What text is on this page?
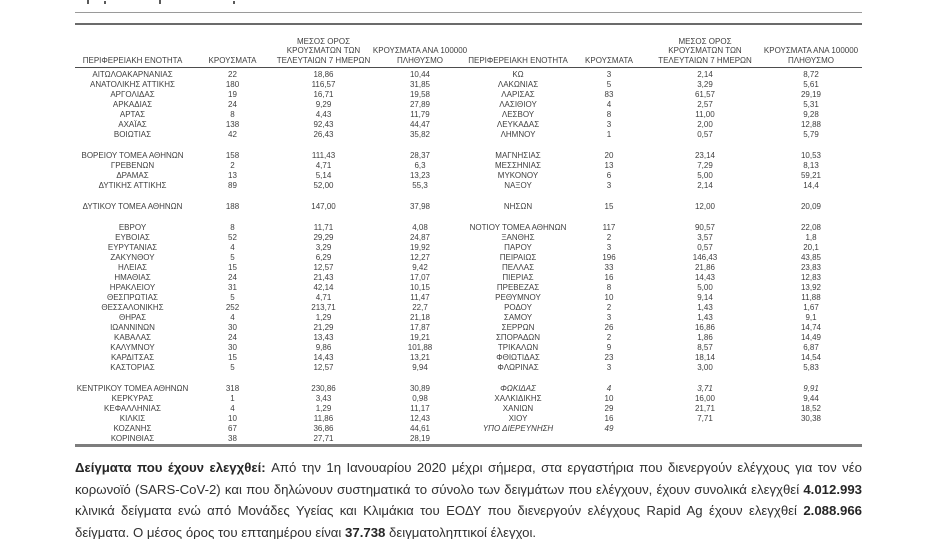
ΠΕΡΙΦΕΡΕΙΑΚΗ ΕΝΟΤΗΤΑ	ΚΡΟΥΣΜΑΤΑ

ΜΕΣΟΣ ΟΡΟΣ
ΚΡΟΥΣΜΑΤΩΝ ΤΩΝ
ΤΕΛΕΥΤΑΙΩΝ 7 ΗΜΕΡΩΝ

ΚΡΟΥΣΜΑΤΑ ΑΝΑ 100000
ΠΛΗΘΥΣΜΟ	ΠΕΡΙΦΕΡΕΙΑΚΗ ΕΝΟΤΗΤΑ	ΚΡΟΥΣΜΑΤΑ

ΜΕΣΟΣ ΟΡΟΣ
ΚΡΟΥΣΜΑΤΩΝ ΤΩΝ
ΤΕΛΕΥΤΑΙΩΝ 7 ΗΜΕΡΩΝ

ΚΡΟΥΣΜΑΤΑ ΑΝΑ 100000
ΠΛΗΘΥΣΜΟ

ΑΙΤΩΛΟΑΚΑΡΝΑΝΙΑΣ	22	18,86	10,44	ΚΩ	3	2,14	8,72
ΑΝΑΤΟΛΙΚΗΣ ΑΤΤΙΚΗΣ	180	116,57	31,85	ΛΑΚΩΝΙΑΣ	5	3,29	5,61
ΑΡΓΟΛΙΔΑΣ	19	16,71	19,58	ΛΑΡΙΣΑΣ	83	61,57	29,19
ΑΡΚΑΔΙΑΣ	24	9,29	27,89	ΛΑΣΙΘΙΟΥ	4	2,57	5,31
ΑΡΤΑΣ	8	4,43	11,79	ΛΕΣΒΟΥ	8	11,00	9,28
ΑΧΑΪΑΣ	138	92,43	44,47	ΛΕΥΚΑΔΑΣ	3	2,00	12,88
ΒΟΙΩΤΙΑΣ	42	26,43	35,82	ΛΗΜΝΟΥ	1	0,57	5,79

ΒΟΡΕΙΟΥ ΤΟΜΕΑ ΑΘΗΝΩΝ	158	111,43	28,37	ΜΑΓΝΗΣΙΑΣ	20	23,14	10,53
ΓΡΕΒΕΝΩΝ	2	4,71	6,3	ΜΕΣΣΗΝΙΑΣ	13	7,29	8,13
ΔΡΑΜΑΣ	13	5,14	13,23	ΜΥΚΟΝΟΥ	6	5,00	59,21
ΔΥΤΙΚΗΣ ΑΤΤΙΚΗΣ	89	52,00	55,3	ΝΑΞΟΥ	3	2,14	14,4

ΔΥΤΙΚΟΥ ΤΟΜΕΑ ΑΘΗΝΩΝ	188	147,00	37,98	ΝΗΣΩΝ	15	12,00	20,09

ΕΒΡΟΥ	8	11,71	4,08	ΝΟΤΙΟΥ ΤΟΜΕΑ ΑΘΗΝΩΝ	117	90,57	22,08
ΕΥΒΟΙΑΣ	52	29,29	24,87	ΞΑΝΘΗΣ	2	3,57	1,8
ΕΥΡΥΤΑΝΙΑΣ	4	3,29	19,92	ΠΑΡΟΥ	3	0,57	20,1
ΖΑΚΥΝΘΟΥ	5	6,29	12,27	ΠΕΙΡΑΙΩΣ	196	146,43	43,85
ΗΛΕΙΑΣ	15	12,57	9,42	ΠΕΛΛΑΣ	33	21,86	23,83
ΗΜΑΘΙΑΣ	24	21,43	17,07	ΠΙΕΡΙΑΣ	16	14,43	12,83
ΗΡΑΚΛΕΙΟΥ	31	42,14	10,15	ΠΡΕΒΕΖΑΣ	8	5,00	13,92
ΘΕΣΠΡΩΤΙΑΣ	5	4,71	11,47	ΡΕΘΥΜΝΟΥ	10	9,14	11,88
ΘΕΣΣΑΛΟΝΙΚΗΣ	252	213,71	22,7	ΡΟΔΟΥ	2	1,43	1,67
ΘΗΡΑΣ	4	1,29	21,18	ΣΑΜΟΥ	3	1,43	9,1
ΙΩΑΝΝΙΝΩΝ	30	21,29	17,87	ΣΕΡΡΩΝ	26	16,86	14,74
ΚΑΒΑΛΑΣ	24	13,43	19,21	ΣΠΟΡΑΔΩΝ	2	1,86	14,49
ΚΑΛΥΜΝΟΥ	30	9,86	101,88	ΤΡΙΚΑΛΩΝ	9	8,57	6,87
ΚΑΡΔΙΤΣΑΣ	15	14,43	13,21	ΦΘΙΩΤΙΔΑΣ	23	18,14	14,54
ΚΑΣΤΟΡΙΑΣ	5	12,57	9,94	ΦΛΩΡΙΝΑΣ	3	3,00	5,83

ΚΕΝΤΡΙΚΟΥ ΤΟΜΕΑ ΑΘΗΝΩΝ	318	230,86	30,89	ΦΩΚΙΔΑΣ	4	3,71	9,91
ΚΕΡΚΥΡΑΣ	1	3,43	0,98	ΧΑΛΚΙΔΙΚΗΣ	10	16,00	9,44
ΚΕΦΑΛΛΗΝΙΑΣ	4	1,29	11,17	ΧΑΝΙΩΝ	29	21,71	18,52
ΚΙΛΚΙΣ	10	11,86	12,43	ΧΙΟΥ	16	7,71	30,38
ΚΟΖΑΝΗΣ	67	36,86	44,61	ΥΠΟ ΔΙΕΡΕΥΝΗΣΗ	49		
ΚΟΡΙΝΘΙΑΣ	38	27,71	28,19				

Δείγματα που έχουν ελεγχθεί: Από την 1η Ιανουαρίου 2020 μέχρι σήμερα, στα εργαστήρια που διενεργούν ελέγχους για τον νέο κορωνοϊό (SARS-CoV-2) και που δηλώνουν συστηματικά το σύνολο των δειγμάτων που ελέγχουν, έχουν συνολικά ελεγχθεί 4.012.993 κλινικά δείγματα ενώ από Μονάδες Υγείας και Κλιμάκια του ΕΟΔΥ που διενεργούν ελέγχους Rapid Ag έχουν ελεγχθεί 2.088.966 δείγματα. Ο μέσος όρος του επταημέρου είναι 37.738 δειγματοληπτικοί έλεγχοι.
